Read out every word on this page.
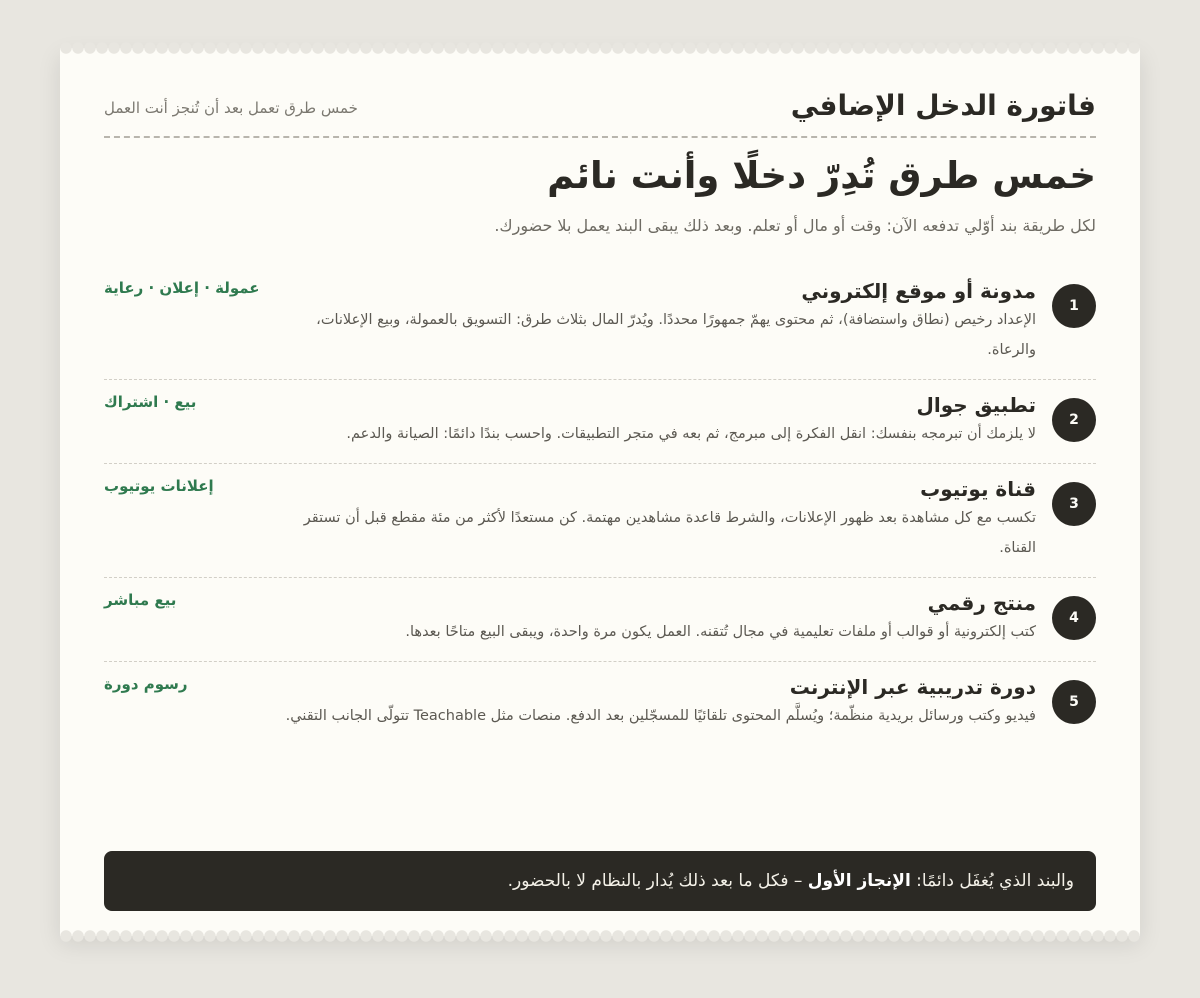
فاتورة الدخل الإضافي
خمس طرق تعمل بعد أن تُنجز أنت العمل
خمس طرق تُدِرّ دخلًا وأنت نائم
لكل طريقة بند أوّلي تدفعه الآن: وقت أو مال أو تعلم. وبعد ذلك يبقى البند يعمل بلا حضورك.
1
مدونة أو موقع إلكتروني
الإعداد رخيص (نطاق واستضافة)، ثم محتوى يهمّ جمهورًا محددًا. ويُدرّ المال بثلاث طرق: التسويق بالعمولة، وبيع الإعلانات، والرعاة.
عمولة · إعلان · رعاية
2
تطبيق جوال
لا يلزمك أن تبرمجه بنفسك: انقل الفكرة إلى مبرمج، ثم بعه في متجر التطبيقات. واحسب بندًا دائمًا: الصيانة والدعم.
بيع · اشتراك
3
قناة يوتيوب
تكسب مع كل مشاهدة بعد ظهور الإعلانات، والشرط قاعدة مشاهدين مهتمة. كن مستعدًا لأكثر من مئة مقطع قبل أن تستقر القناة.
إعلانات يوتيوب
4
منتج رقمي
كتب إلكترونية أو قوالب أو ملفات تعليمية في مجال تُتقنه. العمل يكون مرة واحدة، ويبقى البيع متاحًا بعدها.
بيع مباشر
5
دورة تدريبية عبر الإنترنت
فيديو وكتب ورسائل بريدية منظّمة؛ ويُسلَّم المحتوى تلقائيًا للمسجّلين بعد الدفع. منصات مثل Teachable تتولّى الجانب التقني.
رسوم دورة
والبند الذي يُغفَل دائمًا: الإنجاز الأول – فكل ما بعد ذلك يُدار بالنظام لا بالحضور.
